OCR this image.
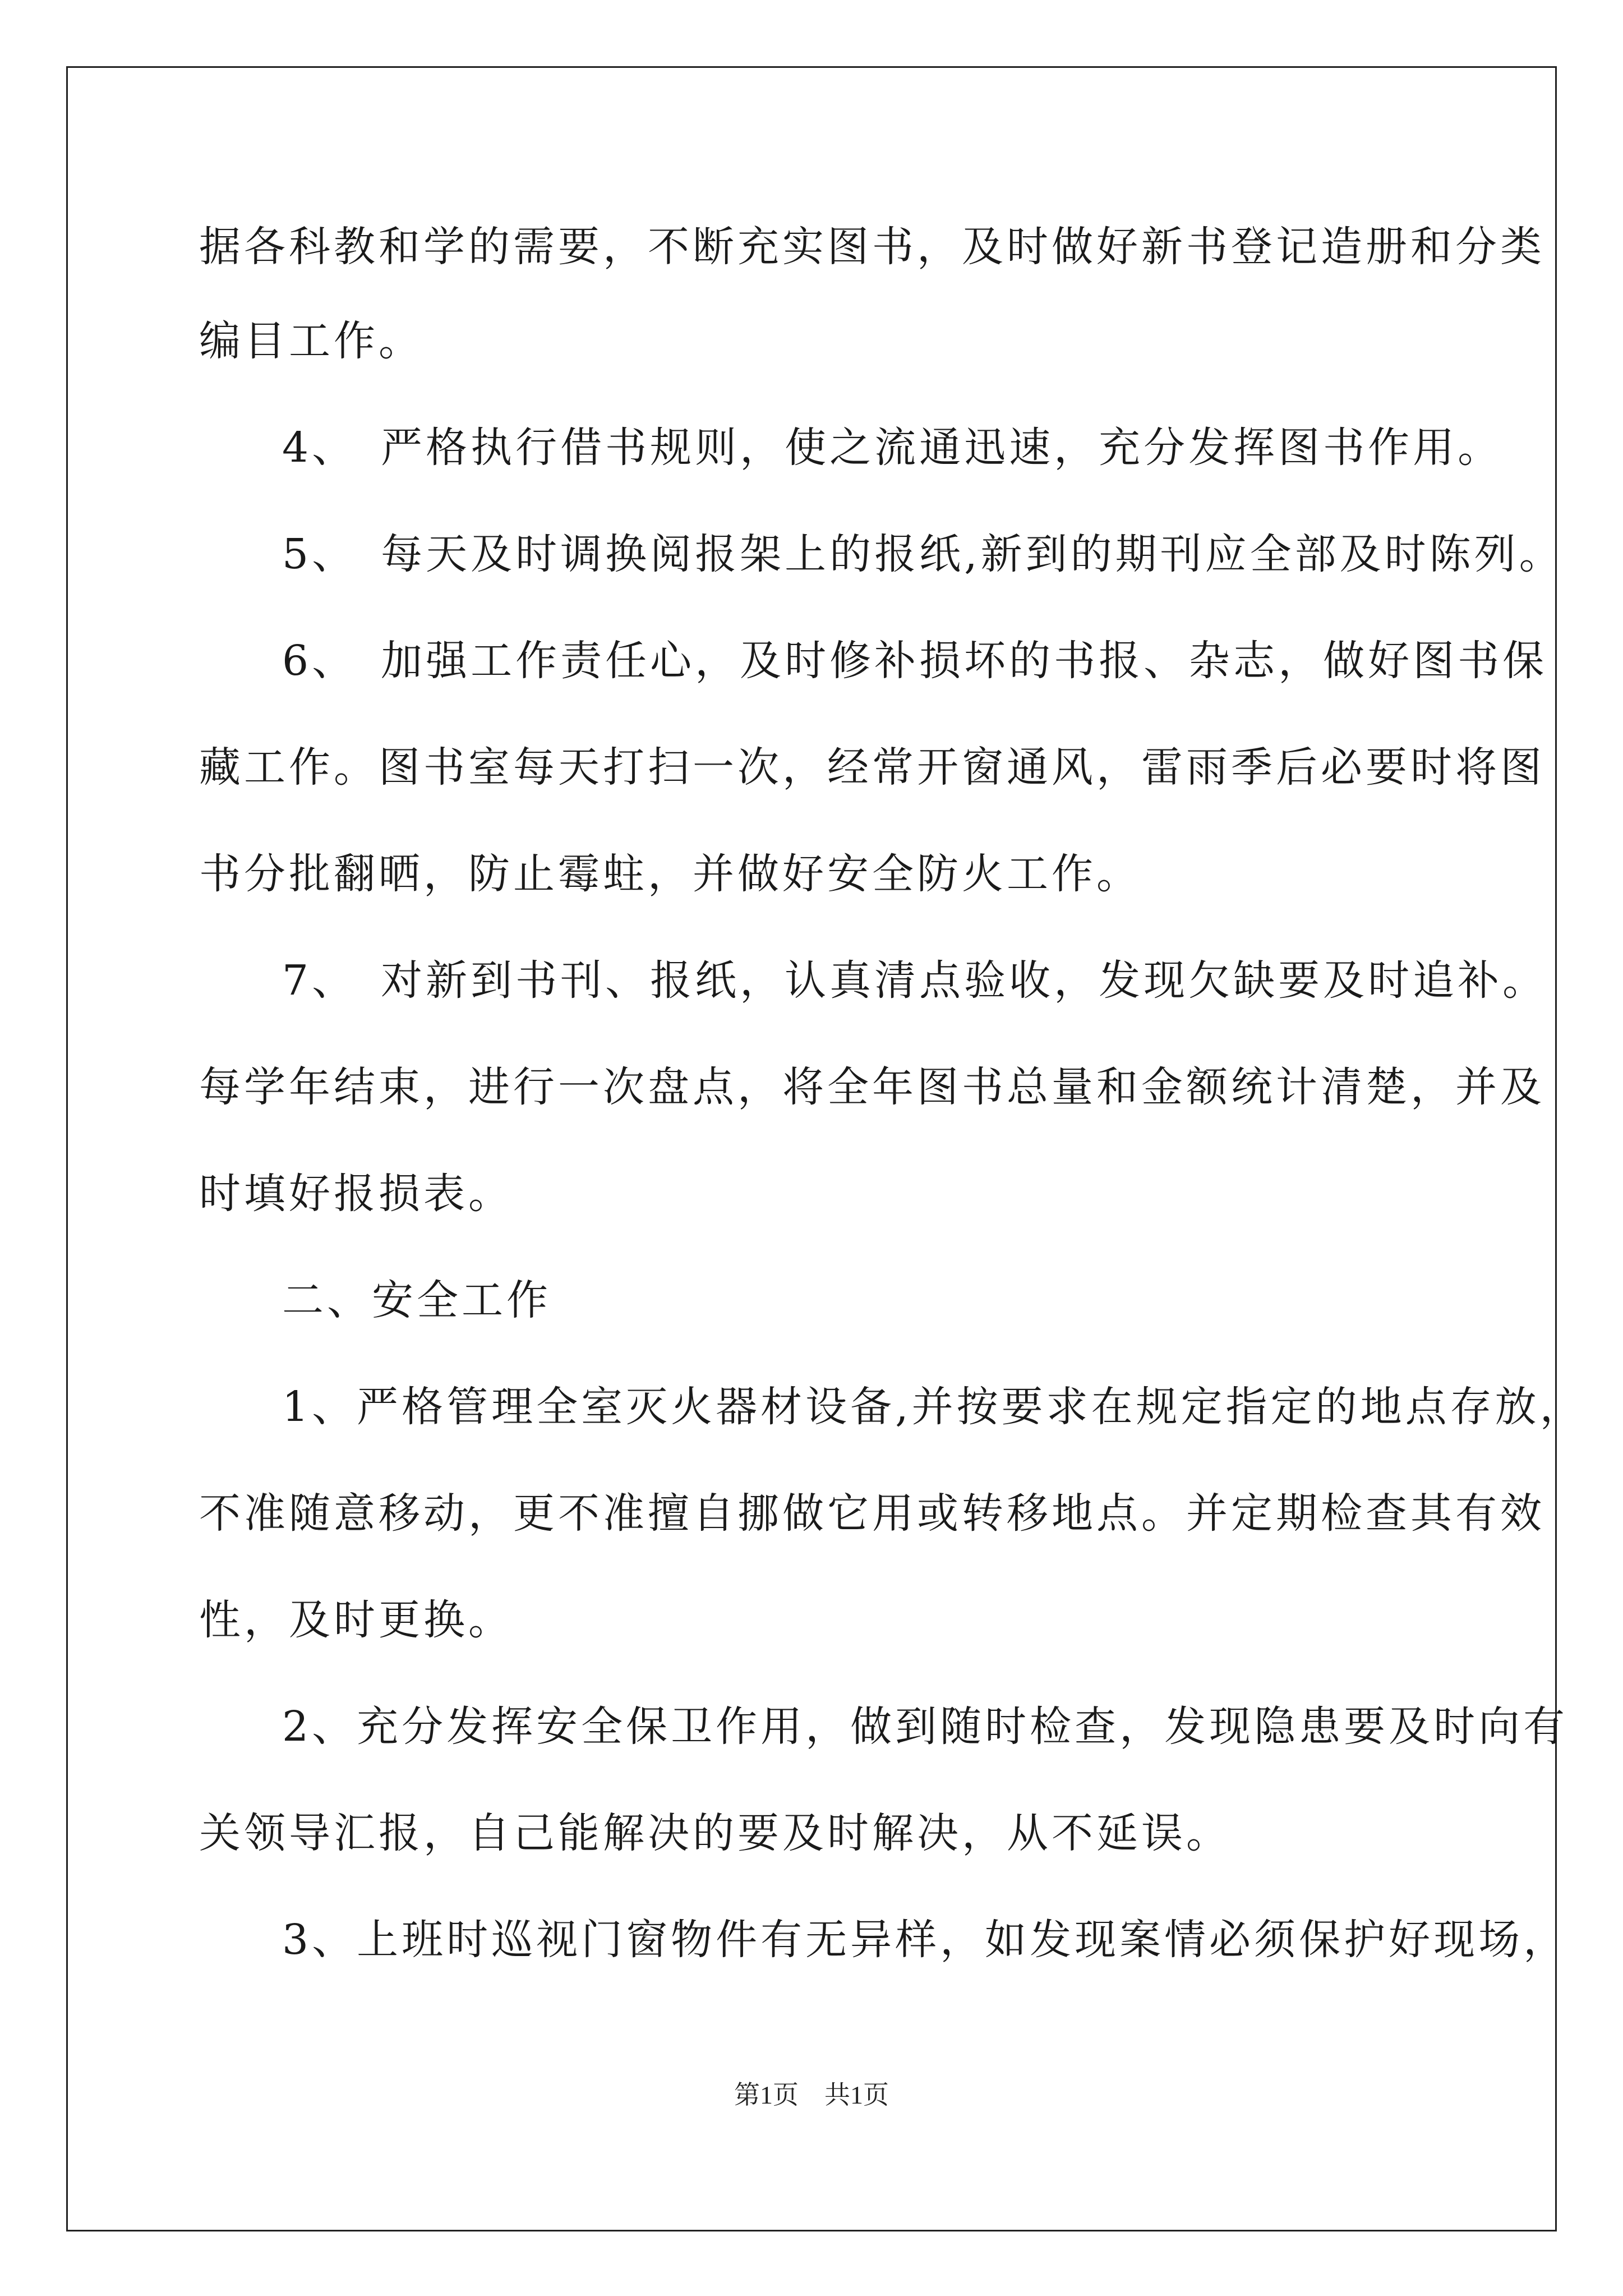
据各科教和学的需要，不断充实图书，及时做好新书登记造册和分类
编目工作。
4、　严格执行借书规则，使之流通迅速，充分发挥图书作用。
5、　每天及时调换阅报架上的报纸,新到的期刊应全部及时陈列。
6、　加强工作责任心，及时修补损坏的书报、杂志，做好图书保
藏工作。图书室每天打扫一次，经常开窗通风，雷雨季后必要时将图
书分批翻晒，防止霉蛀，并做好安全防火工作。
7、　对新到书刊、报纸，认真清点验收，发现欠缺要及时追补。
每学年结束，进行一次盘点，将全年图书总量和金额统计清楚，并及
时填好报损表。
二、安全工作
1、严格管理全室灭火器材设备,并按要求在规定指定的地点存放，
不准随意移动，更不准擅自挪做它用或转移地点。并定期检查其有效
性，及时更换。
2、充分发挥安全保卫作用，做到随时检查，发现隐患要及时向有
关领导汇报，自己能解决的要及时解决，从不延误。
3、上班时巡视门窗物件有无异样，如发现案情必须保护好现场，
第1页　共1页
